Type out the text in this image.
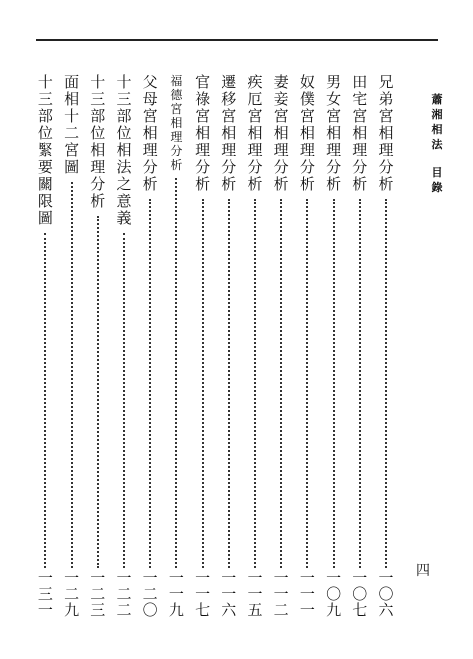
蕭湘相法
目錄
四
兄
弟
宮
相
理
分
析
一
〇
六
田
宅
宮
相
理
分
析
一
〇
七
男
女
宮
相
理
分
析
一
〇
九
奴
僕
宮
相
理
分
析
一
一
一
妻
妾
宮
相
理
分
析
一
一
二
疾
厄
宮
相
理
分
析
一
一
五
遷
移
宮
相
理
分
析
一
一
六
官
祿
宮
相
理
分
析
一
一
七
福
德
宮
相
理
分
析
一
一
九
父
母
宮
相
理
分
析
一
二
〇
十
三
部
位
相
法
之
意
義
一
二
二
十
三
部
位
相
理
分
析
一
二
三
面
相
十
二
宮
圖
一
二
九
十
三
部
位
緊
要
關
限
圖
一
三
一
